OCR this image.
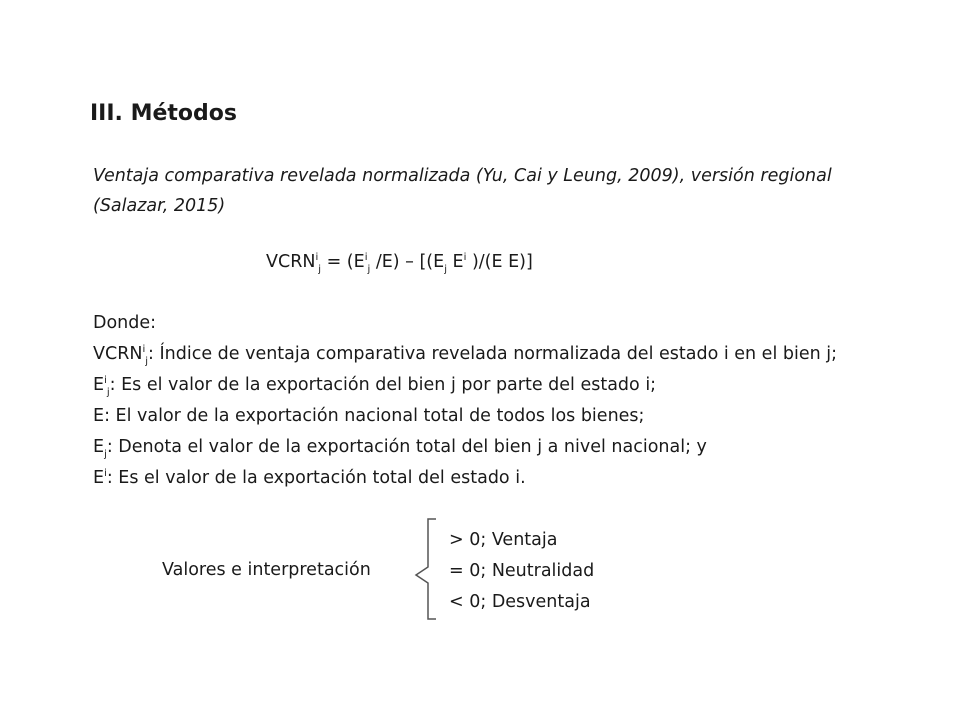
III. Métodos

Ventaja comparativa revelada normalizada (Yu, Cai y Leung, 2009), versión regional (Salazar, 2015)

$VCRN^i_j = (E^i_j$ $/E) - [(E_j$ $E^i$ )/(E E)]

Donde:
$VCRN^i_j$: Índice de ventaja comparativa revelada normalizada del estado i en el bien j;
$E^i_j$: Es el valor de la exportación del bien j por parte del estado i;
E: El valor de la exportación nacional total de todos los bienes;
$E_j$: Denota el valor de la exportación total del bien j a nivel nacional; y
$E^i$: Es el valor de la exportación total del estado i.

Valores e interpretación

> 0; Ventaja
= 0; Neutralidad
< 0; Desventaja
